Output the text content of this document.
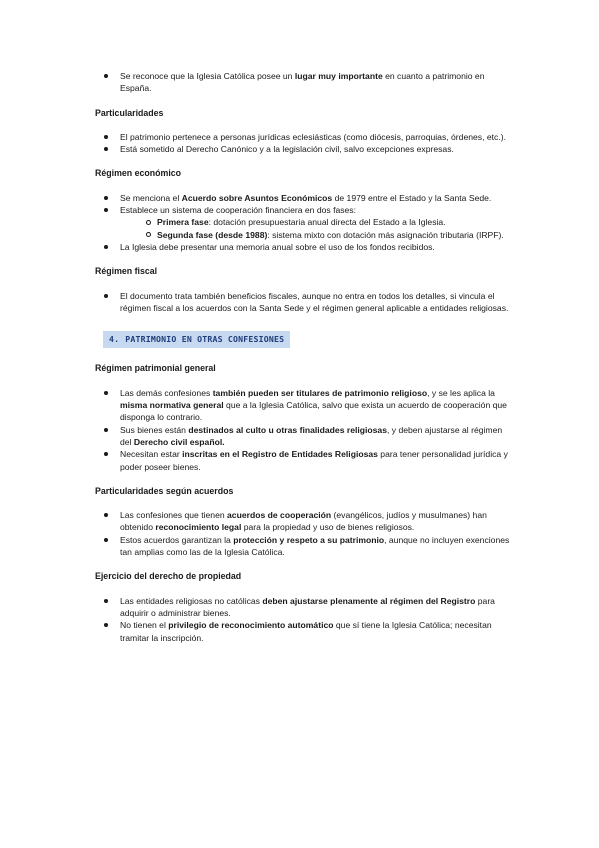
Se reconoce que la Iglesia Católica posee un lugar muy importante en cuanto a patrimonio en España.
Particularidades
El patrimonio pertenece a personas jurídicas eclesiásticas (como diócesis, parroquias, órdenes, etc.).
Está sometido al Derecho Canónico y a la legislación civil, salvo excepciones expresas.
Régimen económico
Se menciona el Acuerdo sobre Asuntos Económicos de 1979 entre el Estado y la Santa Sede.
Establece un sistema de cooperación financiera en dos fases:
Primera fase: dotación presupuestaria anual directa del Estado a la Iglesia.
Segunda fase (desde 1988): sistema mixto con dotación más asignación tributaria (IRPF).
La Iglesia debe presentar una memoria anual sobre el uso de los fondos recibidos.
Régimen fiscal
El documento trata también beneficios fiscales, aunque no entra en todos los detalles, si vincula el régimen fiscal a los acuerdos con la Santa Sede y el régimen general aplicable a entidades religiosas.
4. PATRIMONIO EN OTRAS CONFESIONES
Régimen patrimonial general
Las demás confesiones también pueden ser titulares de patrimonio religioso, y se les aplica la misma normativa general que a la Iglesia Católica, salvo que exista un acuerdo de cooperación que disponga lo contrario.
Sus bienes están destinados al culto u otras finalidades religiosas, y deben ajustarse al régimen del Derecho civil español.
Necesitan estar inscritas en el Registro de Entidades Religiosas para tener personalidad jurídica y poder poseer bienes.
Particularidades según acuerdos
Las confesiones que tienen acuerdos de cooperación (evangélicos, judíos y musulmanes) han obtenido reconocimiento legal para la propiedad y uso de bienes religiosos.
Estos acuerdos garantizan la protección y respeto a su patrimonio, aunque no incluyen exenciones tan amplias como las de la Iglesia Católica.
Ejercicio del derecho de propiedad
Las entidades religiosas no católicas deben ajustarse plenamente al régimen del Registro para adquirir o administrar bienes.
No tienen el privilegio de reconocimiento automático que sí tiene la Iglesia Católica; necesitan tramitar la inscripción.
